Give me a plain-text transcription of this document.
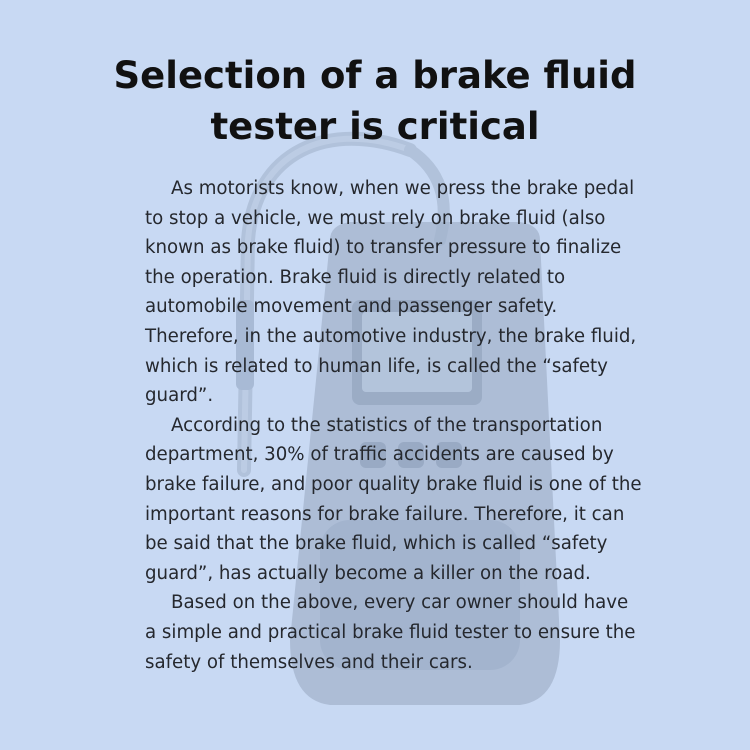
Selection of a brake fluid tester is critical

As motorists know, when we press the brake pedal to stop a vehicle, we must rely on brake fluid (also known as brake fluid) to transfer pressure to finalize the operation. Brake fluid is directly related to automobile movement and passenger safety. Therefore, in the automotive industry, the brake fluid, which is related to human life, is called the “safety guard”.

According to the statistics of the transportation department, 30% of traffic accidents are caused by brake failure, and poor quality brake fluid is one of the important reasons for brake failure. Therefore, it can be said that the brake fluid, which is called “safety guard”, has actually become a killer on the road.

Based on the above, every car owner should have a simple and practical brake fluid tester to ensure the safety of themselves and their cars.
